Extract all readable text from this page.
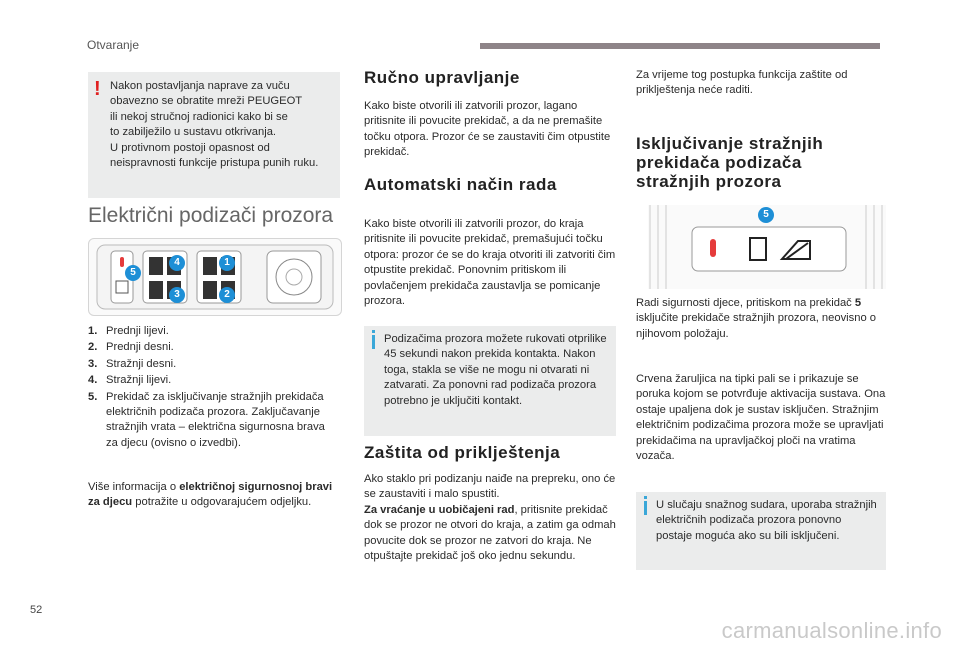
Otvaranje
! Nakon postavljanja naprave za vuču

obavezno se obratite mreži PEUGEOT

ili nekoj stručnoj radionici kako bi se

to zabilježilo u sustavu otkrivanja.

U protivnom postoji opasnost od

neispravnosti funkcije pristupa punih ruku.

Električni podizači prozora
5
4	1
3	2
1. Prednji lijevi.
2. Prednji desni.
3. Stražnji desni.
4. Stražnji lijevi.
5. Prekidač za isključivanje stražnjih prekidača električnih podizača prozora. Zaključavanje stražnjih vrata – električna sigurnosna brava za djecu (ovisno o izvedbi).

Više informacija o električnoj sigurnosnoj bravi za djecu potražite u odgovarajućem odjeljku.

Ručno upravljanje

Kako biste otvorili ili zatvorili prozor, lagano pritisnite ili povucite prekidač, a da ne premašite točku otpora. Prozor će se zaustaviti čim otpustite prekidač.

Automatski način rada

Kako biste otvorili ili zatvorili prozor, do kraja pritisnite ili povucite prekidač, premašujući točku otpora: prozor će se do kraja otvoriti ili zatvoriti čim otpustite prekidač. Ponovnim pritiskom ili povlačenjem prekidača zaustavlja se pomicanje prozora.

Podizačima prozora možete rukovati otprilike 45 sekundi nakon prekida kontakta. Nakon toga, stakla se više ne mogu ni otvarati ni zatvarati. Za ponovni rad podizača prozora potrebno je uključiti kontakt.

Zaštita od priklještenja

Ako staklo pri podizanju naiđe na prepreku, ono će se zaustaviti i malo spustiti.

Za vraćanje u uobičajeni rad, pritisnite prekidač dok se prozor ne otvori do kraja, a zatim ga odmah povucite dok se prozor ne zatvori do kraja. Ne otpuštajte prekidač još oko jednu sekundu.

Za vrijeme tog postupka funkcija zaštite od priklještenja neće raditi.

Isključivanje stražnjih prekidača podizača stražnjih prozora
5

Radi sigurnosti djece, pritiskom na prekidač 5 isključite prekidače stražnjih prozora, neovisno o njihovom položaju.

Crvena žaruljica na tipki pali se i prikazuje se poruka kojom se potvrđuje aktivacija sustava. Ona ostaje upaljena dok je sustav isključen. Stražnjim električnim podizačima prozora može se upravljati prekidačima na upravljačkoj ploči na vratima vozača.

U slučaju snažnog sudara, uporaba stražnjih električnih podizača prozora ponovno postaje moguća ako su bili isključeni.

52
carmanualsonline.info
